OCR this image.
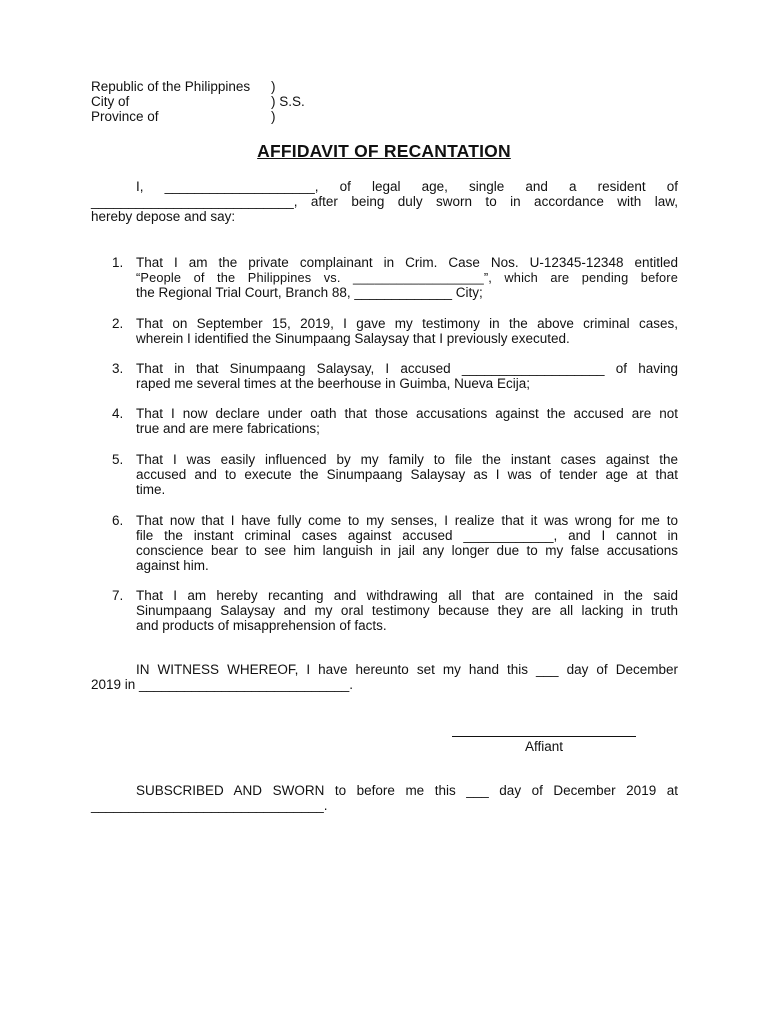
Republic of the Philippines
City of
Province of
)
) S.S.
)
AFFIDAVIT OF RECANTATION
I, ____________________, of legal age, single and a resident of
___________________________, after being duly sworn to in accordance with law,
hereby depose and say:
1. That I am the private complainant in Crim. Case Nos. U-12345-12348 entitled
“People of the Philippines vs. __________________”, which are pending before
the Regional Trial Court, Branch 88, _____________ City;
2. That on September 15, 2019, I gave my testimony in the above criminal cases,
wherein I identified the Sinumpaang Salaysay that I previously executed.
3. That in that Sinumpaang Salaysay, I accused ___________________ of having
raped me several times at the beerhouse in Guimba, Nueva Ecija;
4. That I now declare under oath that those accusations against the accused are not
true and are mere fabrications;
5. That I was easily influenced by my family to file the instant cases against the
accused and to execute the Sinumpaang Salaysay as I was of tender age at that
time.
6. That now that I have fully come to my senses, I realize that it was wrong for me to
file the instant criminal cases against accused ____________, and I cannot in
conscience bear to see him languish in jail any longer due to my false accusations
against him.
7. That I am hereby recanting and withdrawing all that are contained in the said
Sinumpaang Salaysay and my oral testimony because they are all lacking in truth
and products of misapprehension of facts.
IN WITNESS WHEREOF, I have hereunto set my hand this ___ day of December
2019 in ____________________________.
Affiant
SUBSCRIBED AND SWORN to before me this ___ day of December 2019 at
_______________________________.
